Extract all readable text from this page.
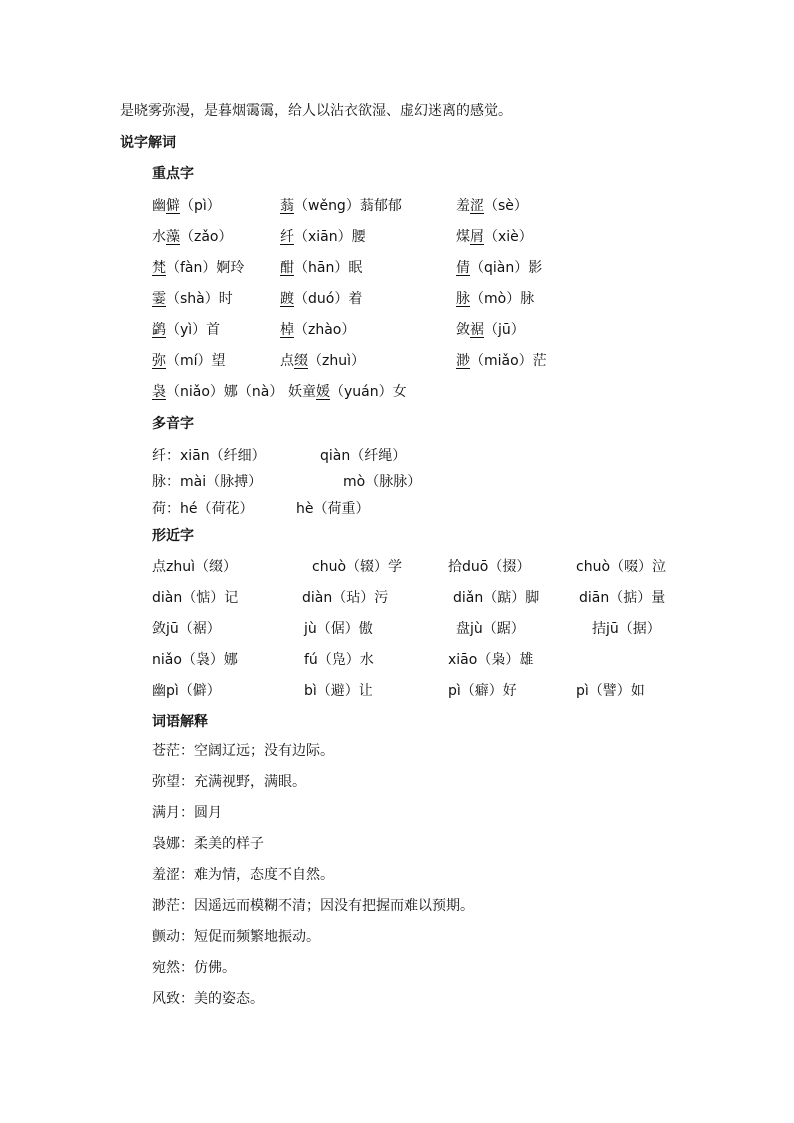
是晓雾弥漫，是暮烟霭霭，给人以沾衣欲湿、虚幻迷离的感觉。
说字解词
重点字
幽僻（pì）	蓊（wěng）蓊郁郁	羞涩（sè）
水藻（zǎo）	纤（xiān）腰	煤屑（xiè）
梵（fàn）婀玲	酣（hān）眠	倩（qiàn）影
霎（shà）时	踱（duó）着	脉（mò）脉
鹢（yì）首	棹（zhào）	敛裾（jū）
弥（mí）望	点缀（zhuì）	渺（miǎo）茫
袅（niǎo）娜（nà） 妖童媛（yuán）女
多音字
纤：xiān（纤细）	qiàn（纤绳）
脉：mài（脉搏）	mò（脉脉）
荷：hé（荷花）	hè（荷重）
形近字
点zhuì（缀）	chuò（辍）学	拾duō（掇）	chuò（啜）泣
diàn（惦）记	diàn（玷）污	diǎn（踮）脚	diān（掂）量
敛jū（裾）	jù（倨）傲	盘jù（踞）	拮jū（据）
niǎo（袅）娜	fú（凫）水	xiāo（枭）雄
幽pì（僻）	bì（避）让	pì（癖）好	pì（譬）如
词语解释
苍茫：空阔辽远；没有边际。
弥望：充满视野，满眼。
满月：圆月
袅娜：柔美的样子
羞涩：难为情，态度不自然。
渺茫：因遥远而模糊不清；因没有把握而难以预期。
颤动：短促而频繁地振动。
宛然：仿佛。
风致：美的姿态。
